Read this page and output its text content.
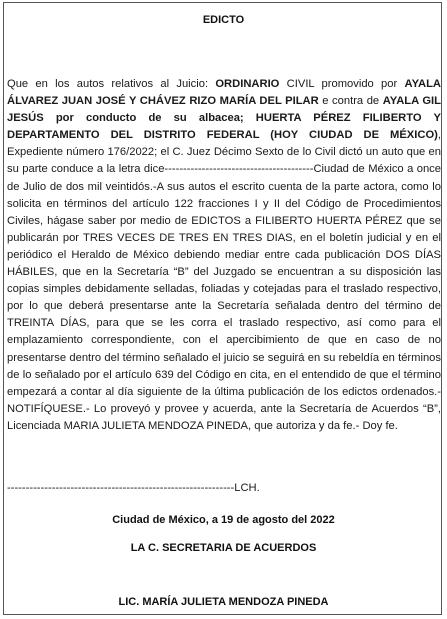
EDICTO
Que en los autos relativos al Juicio: ORDINARIO CIVIL promovido por AYALA ÁLVAREZ JUAN JOSÉ Y CHÁVEZ RIZO MARÍA DEL PILAR e contra de AYALA GIL JESÚS por conducto de su albacea; HUERTA PÉREZ FILIBERTO Y DEPARTAMENTO DEL DISTRITO FEDERAL (HOY CIUDAD DE MÉXICO), Expediente número 176/2022; el C. Juez Décimo Sexto de lo Civil dictó un auto que en su parte conduce a la letra dice----------------------------------------Ciudad de México a once de Julio de dos mil veintidós.-A sus autos el escrito cuenta de la parte actora, como lo solicita en términos del artículo 122 fracciones I y II del Código de Procedimientos Civiles, hágase saber por medio de EDICTOS a FILIBERTO HUERTA PÉREZ que se publicarán por TRES VECES DE TRES EN TRES DIAS, en el boletín judicial y en el periódico el Heraldo de México debiendo mediar entre cada publicación DOS DÍAS HÁBILES, que en la Secretaría “B” del Juzgado se encuentran a su disposición las copias simples debidamente selladas, foliadas y cotejadas para el traslado respectivo, por lo que deberá presentarse ante la Secretaría señalada dentro del término de TREINTA DÍAS, para que se les corra el traslado respectivo, así como para el emplazamiento correspondiente, con el apercibimiento de que en caso de no presentarse dentro del término señalado el juicio se seguirá en su rebeldía en términos de lo señalado por el artículo 639 del Código en cita, en el entendido de que el término empezará a contar al día siguiente de la última publicación de los edictos ordenados.- NOTIFÍQUESE.- Lo proveyó y provee y acuerda, ante la Secretaría de Acuerdos “B”, Licenciada MARIA JULIETA MENDOZA PINEDA, que autoriza y da fe.- Doy fe.
-------------------------------------------------------------LCH.
Ciudad de México, a 19 de agosto del 2022
LA C. SECRETARIA DE ACUERDOS
LIC. MARÍA JULIETA MENDOZA PINEDA
